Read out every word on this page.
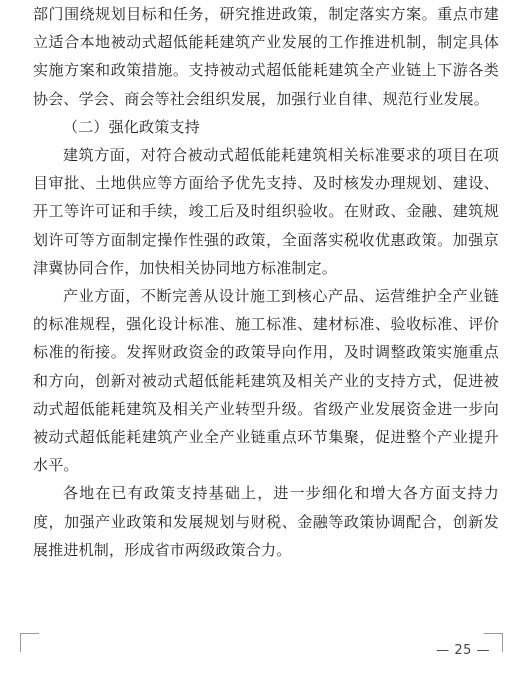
部门围绕规划目标和任务，研究推进政策，制定落实方案。重点市建立适合本地被动式超低能耗建筑产业发展的工作推进机制，制定具体实施方案和政策措施。支持被动式超低能耗建筑全产业链上下游各类协会、学会、商会等社会组织发展，加强行业自律、规范行业发展。

（二）强化政策支持

建筑方面，对符合被动式超低能耗建筑相关标准要求的项目在项目审批、土地供应等方面给予优先支持、及时核发办理规划、建设、开工等许可证和手续，竣工后及时组织验收。在财政、金融、建筑规划许可等方面制定操作性强的政策，全面落实税收优惠政策。加强京津冀协同合作，加快相关协同地方标准制定。

产业方面，不断完善从设计施工到核心产品、运营维护全产业链的标准规程，强化设计标准、施工标准、建材标准、验收标准、评价标准的衔接。发挥财政资金的政策导向作用，及时调整政策实施重点和方向，创新对被动式超低能耗建筑及相关产业的支持方式，促进被动式超低能耗建筑及相关产业转型升级。省级产业发展资金进一步向被动式超低能耗建筑产业全产业链重点环节集聚，促进整个产业提升水平。

各地在已有政策支持基础上，进一步细化和增大各方面支持力度，加强产业政策和发展规划与财税、金融等政策协调配合，创新发展推进机制，形成省市两级政策合力。

— 25 —
